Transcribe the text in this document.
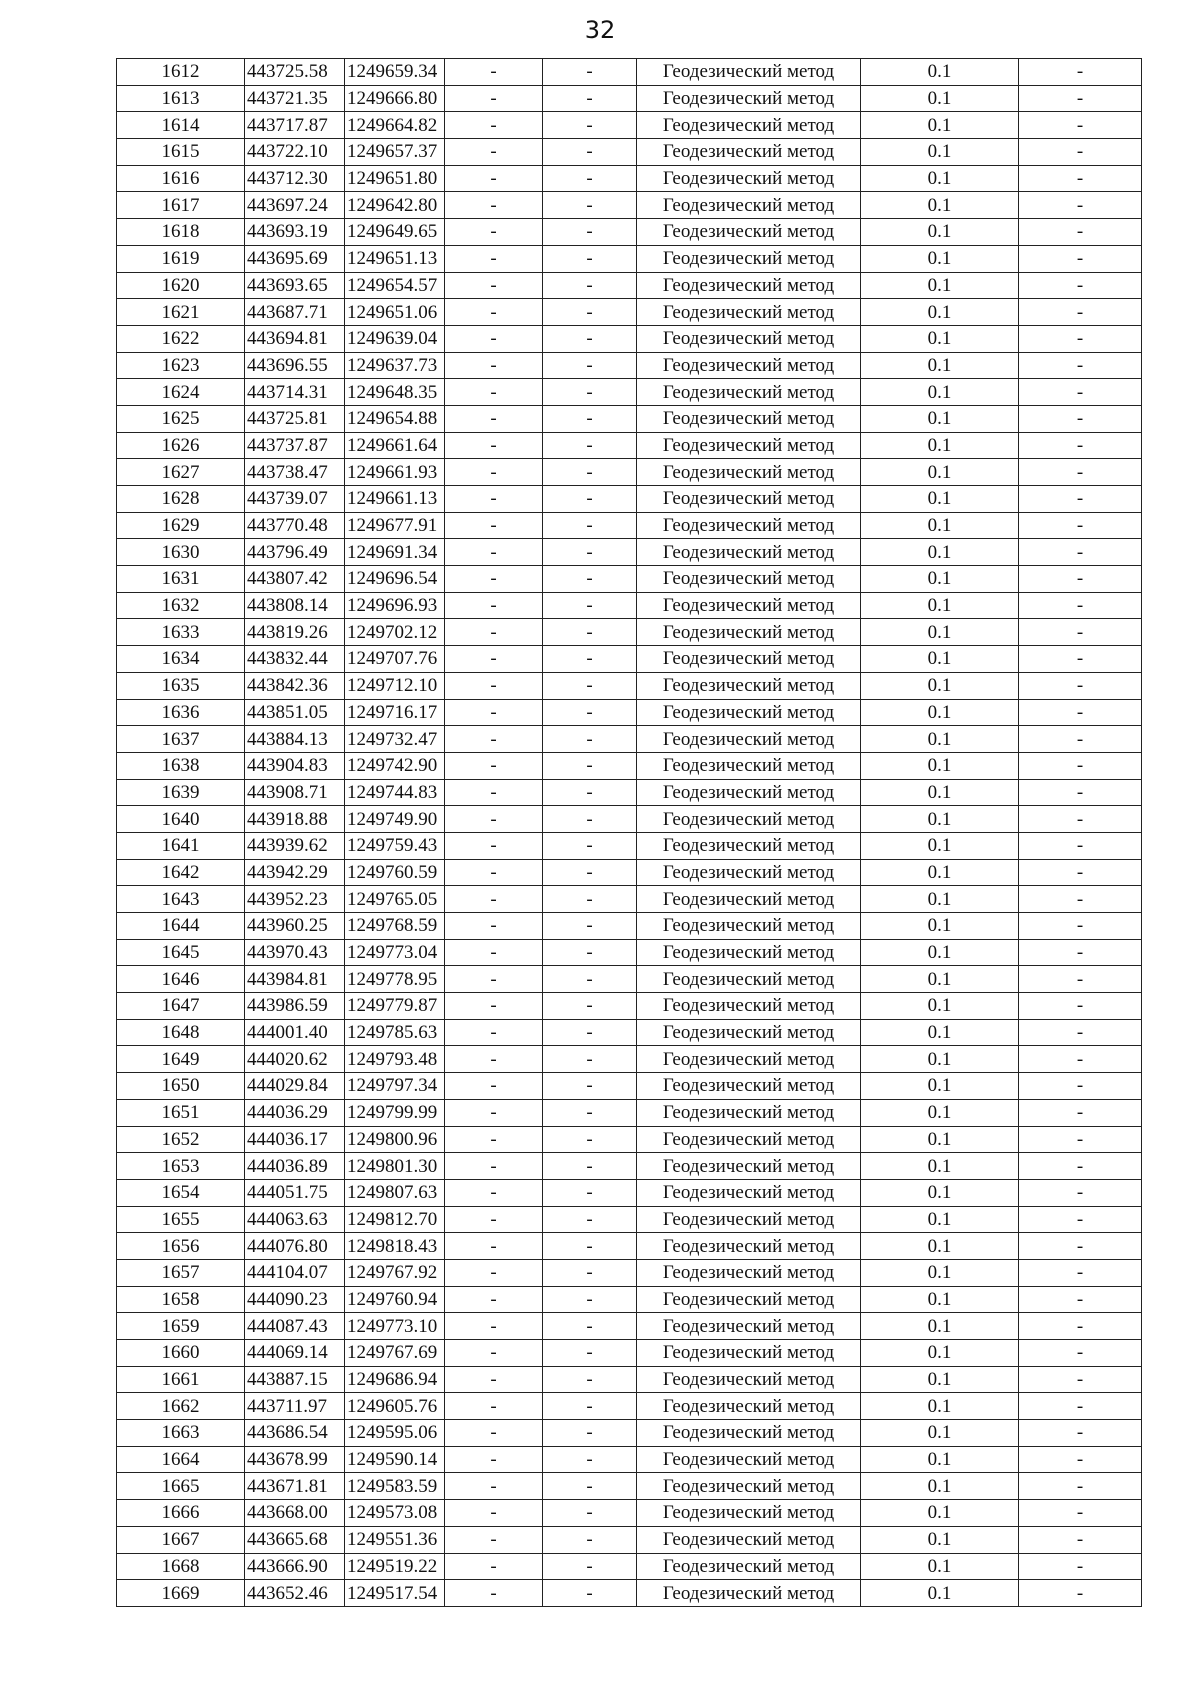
32
1612	443725.58	1249659.34	-	-	Геодезический метод	0.1	-
1613	443721.35	1249666.80	-	-	Геодезический метод	0.1	-
1614	443717.87	1249664.82	-	-	Геодезический метод	0.1	-
1615	443722.10	1249657.37	-	-	Геодезический метод	0.1	-
1616	443712.30	1249651.80	-	-	Геодезический метод	0.1	-
1617	443697.24	1249642.80	-	-	Геодезический метод	0.1	-
1618	443693.19	1249649.65	-	-	Геодезический метод	0.1	-
1619	443695.69	1249651.13	-	-	Геодезический метод	0.1	-
1620	443693.65	1249654.57	-	-	Геодезический метод	0.1	-
1621	443687.71	1249651.06	-	-	Геодезический метод	0.1	-
1622	443694.81	1249639.04	-	-	Геодезический метод	0.1	-
1623	443696.55	1249637.73	-	-	Геодезический метод	0.1	-
1624	443714.31	1249648.35	-	-	Геодезический метод	0.1	-
1625	443725.81	1249654.88	-	-	Геодезический метод	0.1	-
1626	443737.87	1249661.64	-	-	Геодезический метод	0.1	-
1627	443738.47	1249661.93	-	-	Геодезический метод	0.1	-
1628	443739.07	1249661.13	-	-	Геодезический метод	0.1	-
1629	443770.48	1249677.91	-	-	Геодезический метод	0.1	-
1630	443796.49	1249691.34	-	-	Геодезический метод	0.1	-
1631	443807.42	1249696.54	-	-	Геодезический метод	0.1	-
1632	443808.14	1249696.93	-	-	Геодезический метод	0.1	-
1633	443819.26	1249702.12	-	-	Геодезический метод	0.1	-
1634	443832.44	1249707.76	-	-	Геодезический метод	0.1	-
1635	443842.36	1249712.10	-	-	Геодезический метод	0.1	-
1636	443851.05	1249716.17	-	-	Геодезический метод	0.1	-
1637	443884.13	1249732.47	-	-	Геодезический метод	0.1	-
1638	443904.83	1249742.90	-	-	Геодезический метод	0.1	-
1639	443908.71	1249744.83	-	-	Геодезический метод	0.1	-
1640	443918.88	1249749.90	-	-	Геодезический метод	0.1	-
1641	443939.62	1249759.43	-	-	Геодезический метод	0.1	-
1642	443942.29	1249760.59	-	-	Геодезический метод	0.1	-
1643	443952.23	1249765.05	-	-	Геодезический метод	0.1	-
1644	443960.25	1249768.59	-	-	Геодезический метод	0.1	-
1645	443970.43	1249773.04	-	-	Геодезический метод	0.1	-
1646	443984.81	1249778.95	-	-	Геодезический метод	0.1	-
1647	443986.59	1249779.87	-	-	Геодезический метод	0.1	-
1648	444001.40	1249785.63	-	-	Геодезический метод	0.1	-
1649	444020.62	1249793.48	-	-	Геодезический метод	0.1	-
1650	444029.84	1249797.34	-	-	Геодезический метод	0.1	-
1651	444036.29	1249799.99	-	-	Геодезический метод	0.1	-
1652	444036.17	1249800.96	-	-	Геодезический метод	0.1	-
1653	444036.89	1249801.30	-	-	Геодезический метод	0.1	-
1654	444051.75	1249807.63	-	-	Геодезический метод	0.1	-
1655	444063.63	1249812.70	-	-	Геодезический метод	0.1	-
1656	444076.80	1249818.43	-	-	Геодезический метод	0.1	-
1657	444104.07	1249767.92	-	-	Геодезический метод	0.1	-
1658	444090.23	1249760.94	-	-	Геодезический метод	0.1	-
1659	444087.43	1249773.10	-	-	Геодезический метод	0.1	-
1660	444069.14	1249767.69	-	-	Геодезический метод	0.1	-
1661	443887.15	1249686.94	-	-	Геодезический метод	0.1	-
1662	443711.97	1249605.76	-	-	Геодезический метод	0.1	-
1663	443686.54	1249595.06	-	-	Геодезический метод	0.1	-
1664	443678.99	1249590.14	-	-	Геодезический метод	0.1	-
1665	443671.81	1249583.59	-	-	Геодезический метод	0.1	-
1666	443668.00	1249573.08	-	-	Геодезический метод	0.1	-
1667	443665.68	1249551.36	-	-	Геодезический метод	0.1	-
1668	443666.90	1249519.22	-	-	Геодезический метод	0.1	-
1669	443652.46	1249517.54	-	-	Геодезический метод	0.1	-
